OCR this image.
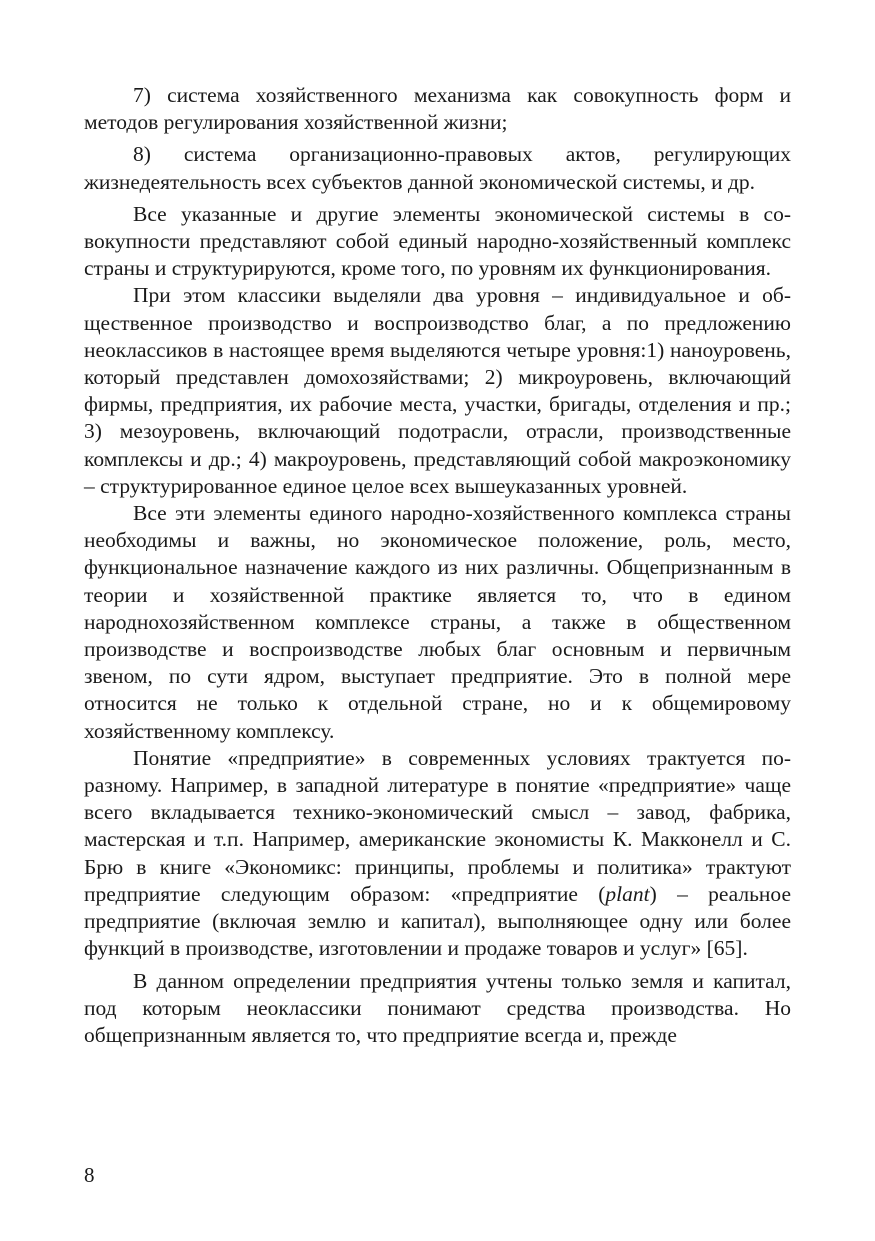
7) система хозяйственного механизма как совокупность форм и методов регулирования хозяйственной жизни;

8) система организационно-правовых актов, регулирующих жизнедеятельность всех субъектов данной экономической системы, и др.

Все указанные и другие элементы экономической системы в совокупности представляют собой единый народно-хозяйственный комплекс страны и структурируются, кроме того, по уровням их функционирования.

При этом классики выделяли два уровня – индивидуальное и общественное производство и воспроизводство благ, а по предложению неоклассиков в настоящее время выделяются четыре уровня:1) наноуровень, который представлен домохозяйствами; 2) микроуровень, включающий фирмы, предприятия, их рабочие места, участки, бригады, отделения и пр.; 3) мезоуровень, включающий подотрасли, отрасли, производственные комплексы и др.; 4) макроуровень, представляющий собой макроэкономику – структурированное единое целое всех вышеуказанных уровней.

Все эти элементы единого народно-хозяйственного комплекса страны необходимы и важны, но экономическое положение, роль, место, функциональное назначение каждого из них различны. Общепризнанным в теории и хозяйственной практике является то, что в едином народнохозяйственном комплексе страны, а также в общественном производстве и воспроизводстве любых благ основным и первичным звеном, по сути ядром, выступает предприятие. Это в полной мере относится не только к отдельной стране, но и к общемировому хозяйственному комплексу.

Понятие «предприятие» в современных условиях трактуется по-разному. Например, в западной литературе в понятие «предприятие» чаще всего вкладывается технико-экономический смысл – завод, фабрика, мастерская и т.п. Например, американские экономисты К. Макконелл и С. Брю в книге «Экономикс: принципы, проблемы и политика» трактуют предприятие следующим образом: «предприятие (plant) – реальное предприятие (включая землю и капитал), выполняющее одну или более функций в производстве, изготовлении и продаже товаров и услуг» [65].

В данном определении предприятия учтены только земля и капитал, под которым неоклассики понимают средства производства. Но общепризнанным является то, что предприятие всегда и, прежде

8
